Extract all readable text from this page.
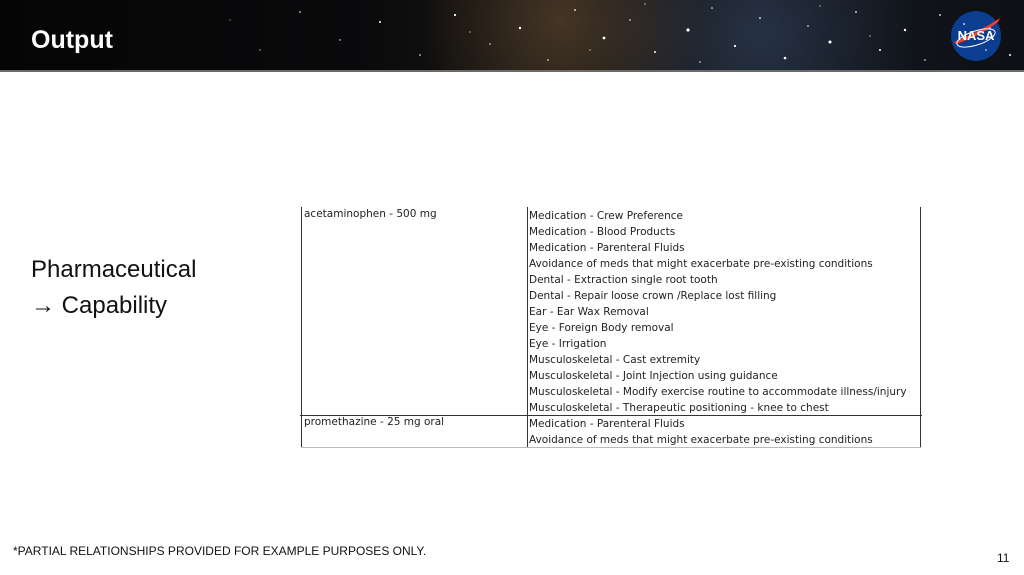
Output	NASA
Pharmaceutical
→ Capability
acetaminophen - 500 mg	Medication - Crew Preference
Medication - Blood Products
Medication - Parenteral Fluids
Avoidance of meds that might exacerbate pre-existing conditions
Dental - Extraction single root tooth
Dental - Repair loose crown /Replace lost filling
Ear - Ear Wax Removal
Eye - Foreign Body removal
Eye - Irrigation
Musculoskeletal - Cast extremity
Musculoskeletal - Joint Injection using guidance
Musculoskeletal - Modify exercise routine to accommodate illness/injury
Musculoskeletal - Therapeutic positioning - knee to chest
promethazine - 25 mg oral	Medication - Parenteral Fluids
Avoidance of meds that might exacerbate pre-existing conditions
*PARTIAL RELATIONSHIPS PROVIDED FOR EXAMPLE PURPOSES ONLY.	11
